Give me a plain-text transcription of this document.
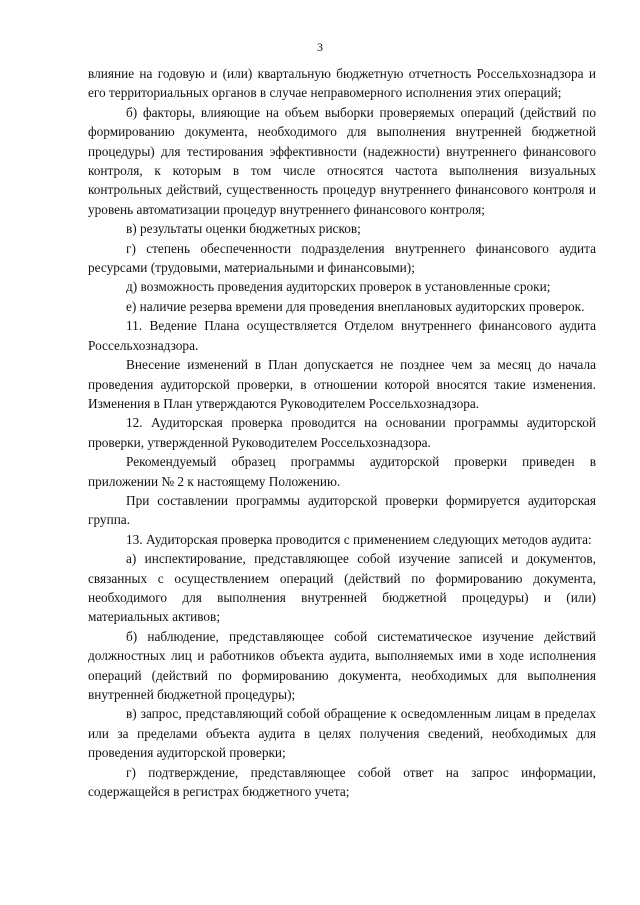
3

влияние на годовую и (или) квартальную бюджетную отчетность Россельхознадзора и его территориальных органов в случае неправомерного исполнения этих операций;

б) факторы, влияющие на объем выборки проверяемых операций (действий по формированию документа, необходимого для выполнения внутренней бюджетной процедуры) для тестирования эффективности (надежности) внутреннего финансового контроля, к которым в том числе относятся частота выполнения визуальных контрольных действий, существенность процедур внутреннего финансового контроля и уровень автоматизации процедур внутреннего финансового контроля;

в) результаты оценки бюджетных рисков;

г) степень обеспеченности подразделения внутреннего финансового аудита ресурсами (трудовыми, материальными и финансовыми);

д) возможность проведения аудиторских проверок в установленные сроки;

е) наличие резерва времени для проведения внеплановых аудиторских проверок.

11. Ведение Плана осуществляется Отделом внутреннего финансового аудита Россельхознадзора.

Внесение изменений в План допускается не позднее чем за месяц до начала проведения аудиторской проверки, в отношении которой вносятся такие изменения. Изменения в План утверждаются Руководителем Россельхознадзора.

12. Аудиторская проверка проводится на основании программы аудиторской проверки, утвержденной Руководителем Россельхознадзора.

Рекомендуемый образец программы аудиторской проверки приведен в приложении № 2 к настоящему Положению.

При составлении программы аудиторской проверки формируется аудиторская группа.

13. Аудиторская проверка проводится с применением следующих методов аудита:

а) инспектирование, представляющее собой изучение записей и документов, связанных с осуществлением операций (действий по формированию документа, необходимого для выполнения внутренней бюджетной процедуры) и (или) материальных активов;

б) наблюдение, представляющее собой систематическое изучение действий должностных лиц и работников объекта аудита, выполняемых ими в ходе исполнения операций (действий по формированию документа, необходимых для выполнения внутренней бюджетной процедуры);

в) запрос, представляющий собой обращение к осведомленным лицам в пределах или за пределами объекта аудита в целях получения сведений, необходимых для проведения аудиторской проверки;

г) подтверждение, представляющее собой ответ на запрос информации, содержащейся в регистрах бюджетного учета;
